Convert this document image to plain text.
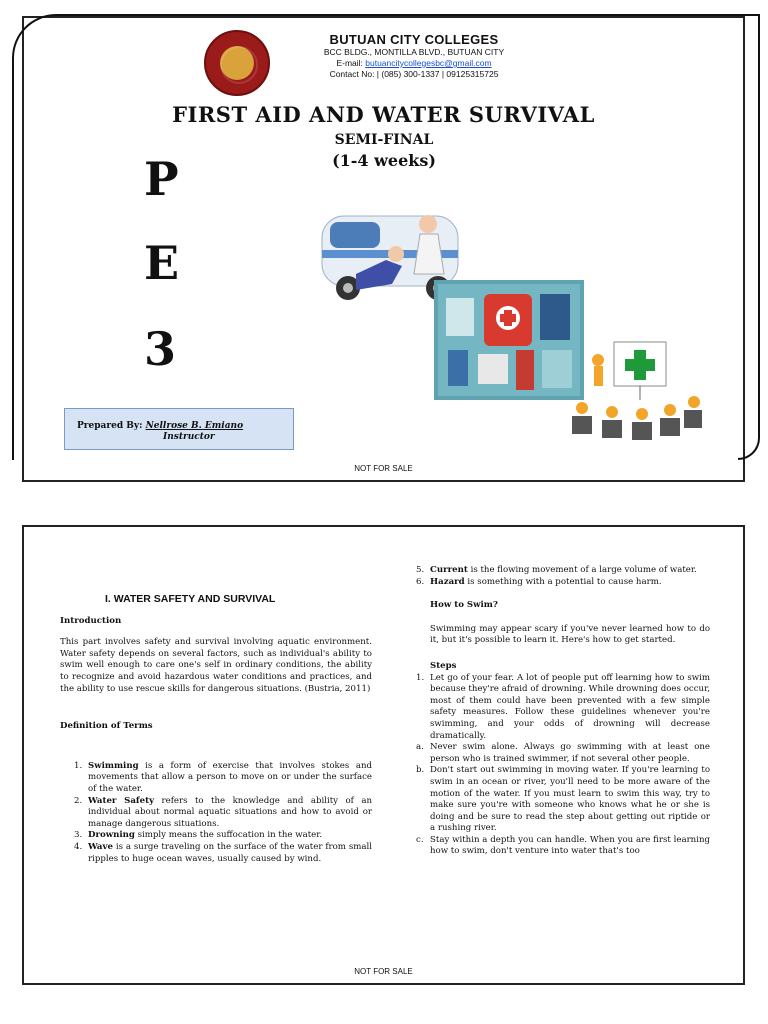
BUTUAN CITY COLLEGES
BCC BLDG., MONTILLA BLVD., BUTUAN CITY
E-mail: butuancitycollegesbc@gmail.com
Contact No: | (085) 300-1337 | 09125315725
FIRST AID AND WATER SURVIVAL
SEMI-FINAL
(1-4 weeks)
P
E
3
Prepared By: Nellrose B. Emiano
Instructor
NOT FOR SALE
I. WATER SAFETY AND SURVIVAL

Introduction

This part involves safety and survival involving aquatic environment. Water safety depends on several factors, such as individual's ability to swim well enough to care one's self in ordinary conditions, the ability to recognize and avoid hazardous water conditions and practices, and the ability to use rescue skills for dangerous situations. (Bustria, 2011)

Definition of Terms

1. Swimming is a form of exercise that involves stokes and movements that allow a person to move on or under the surface of the water.
2. Water Safety refers to the knowledge and ability of an individual about normal aquatic situations and how to avoid or manage dangerous situations.
3. Drowning simply means the suffocation in the water.
4. Wave is a surge traveling on the surface of the water from small ripples to huge ocean waves, usually caused by wind.
5. Current is the flowing movement of a large volume of water.
6. Hazard is something with a potential to cause harm.

How to Swim?

Swimming may appear scary if you've never learned how to do it, but it's possible to learn it. Here's how to get started.

Steps

1. Let go of your fear. A lot of people put off learning how to swim because they're afraid of drowning. While drowning does occur, most of them could have been prevented with a few simple safety measures. Follow these guidelines whenever you're swimming, and your odds of drowning will decrease dramatically.
a. Never swim alone. Always go swimming with at least one person who is trained swimmer, if not several other people.
b. Don't start out swimming in moving water. If you're learning to swim in an ocean or river, you'll need to be more aware of the motion of the water. If you must learn to swim this way, try to make sure you're with someone who knows what he or she is doing and be sure to read the step about getting out riptide or a rushing river.
c. Stay within a depth you can handle. When you are first learning how to swim, don't venture into water that's too
NOT FOR SALE
